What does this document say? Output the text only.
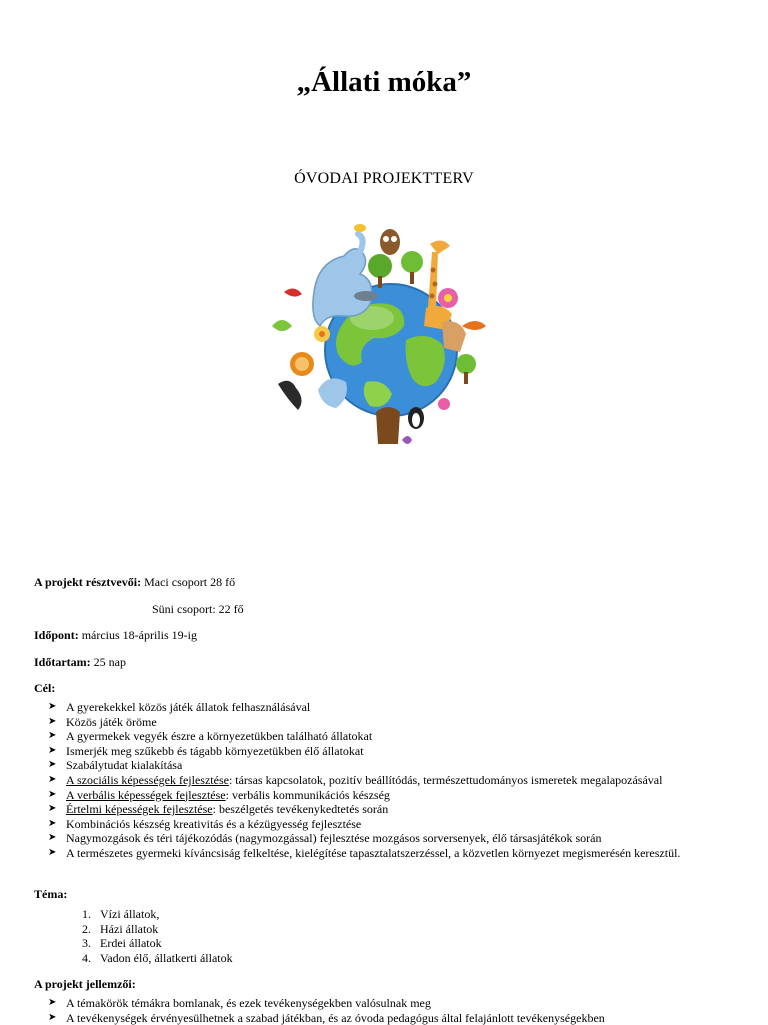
„Állati móka”

ÓVODAI PROJEKTTERV

A projekt résztvevői: Maci csoport 28 fő

Süni csoport: 22 fő

Időpont: március 18-április 19-ig

Időtartam: 25 nap

Cél:

➤ A gyerekekkel közös játék állatok felhasználásával
➤ Közös játék öröme
➤ A gyermekek vegyék észre a környezetükben található állatokat
➤ Ismerjék meg szűkebb és tágabb környezetükben élő állatokat
➤ Szabálytudat kialakítása
➤ A szociális képességek fejlesztése: társas kapcsolatok, pozitív beállítódás, természettudományos ismeretek megalapozásával
➤ A verbális képességek fejlesztése: verbális kommunikációs készség
➤ Értelmi képességek fejlesztése: beszélgetés tevékenykedtetés során
➤ Kombinációs készség kreativitás és a kézügyesség fejlesztése
➤ Nagymozgások és téri tájékozódás (nagymozgással) fejlesztése mozgásos sorversenyek, élő társasjátékok során
➤ A természetes gyermeki kíváncsiság felkeltése, kielégítése tapasztalatszerzéssel, a közvetlen környezet megismerésén keresztül.

Téma:

1. Vízi állatok,
2. Házi állatok
3. Erdei állatok
4. Vadon élő, állatkerti állatok

A projekt jellemzői:

➤ A témakörök témákra bomlanak, és ezek tevékenységekben valósulnak meg
➤ A tevékenységek érvényesülhetnek a szabad játékban, és az óvoda pedagógus által felajánlott tevékenységekben
